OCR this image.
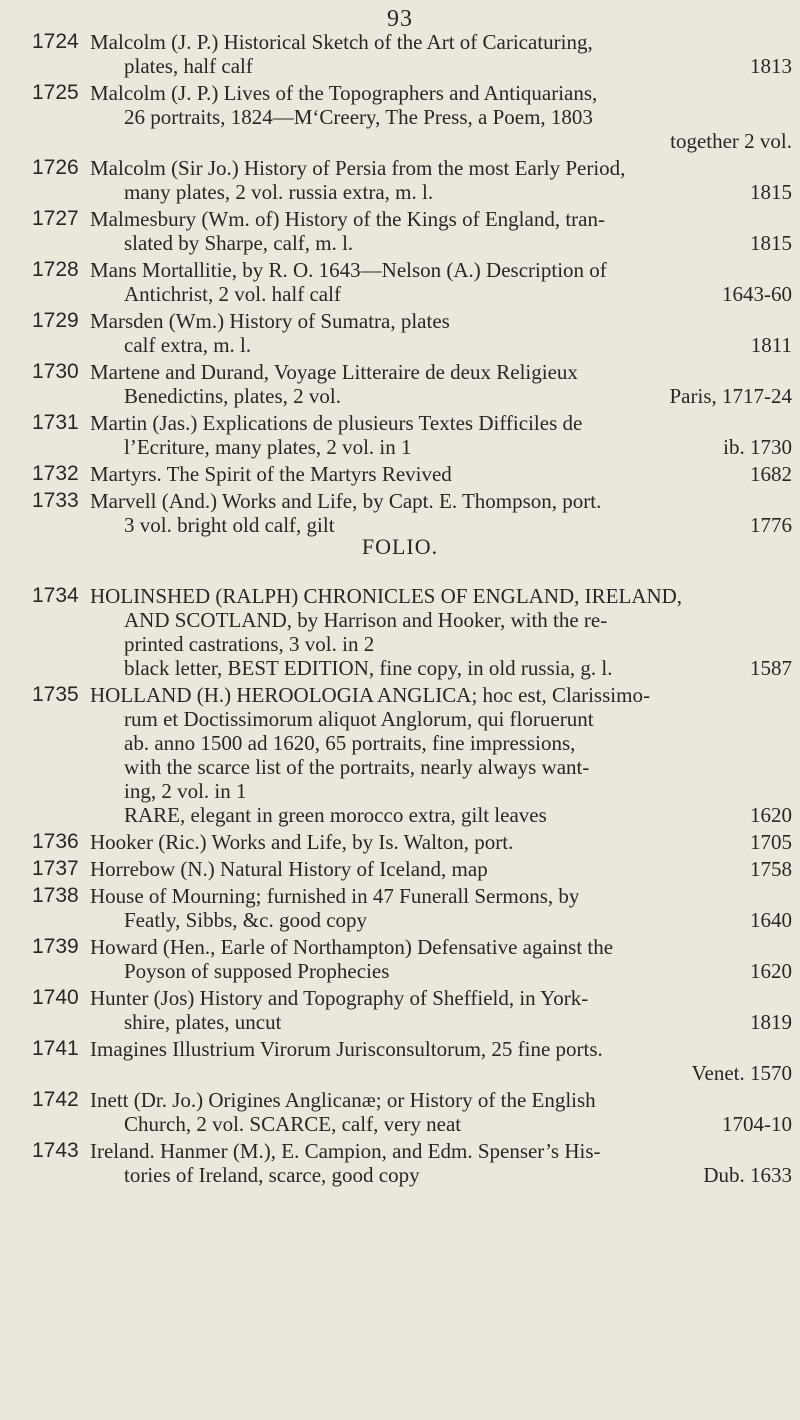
93
1724 Malcolm (J. P.) Historical Sketch of the Art of Caricaturing,
plates, half calf	1813
1725 Malcolm (J. P.) Lives of the Topographers and Antiquarians,
26 portraits, 1824—M‘Creery, The Press, a Poem, 1803
together 2 vol.
1726 Malcolm (Sir Jo.) History of Persia from the most Early Period,
many plates, 2 vol. russia extra, m. l.	1815
1727 Malmesbury (Wm. of) History of the Kings of England, tran-
slated by Sharpe, calf, m. l.	1815
1728 Mans Mortallitie, by R. O. 1643—Nelson (A.) Description of
Antichrist, 2 vol. half calf	1643-60
1729 Marsden (Wm.) History of Sumatra, plates
calf extra, m. l.	1811
1730 Martene and Durand, Voyage Litteraire de deux Religieux
Benedictins, plates, 2 vol.	Paris, 1717-24
1731 Martin (Jas.) Explications de plusieurs Textes Difficiles de
l’Ecriture, many plates, 2 vol. in 1	ib. 1730
1732 Martyrs. The Spirit of the Martyrs Revived	1682
1733 Marvell (And.) Works and Life, by Capt. E. Thompson, port.
3 vol. bright old calf, gilt	1776
FOLIO.
1734 HOLINSHED (RALPH) CHRONICLES OF ENGLAND, IRELAND,
AND SCOTLAND, by Harrison and Hooker, with the re-
printed castrations, 3 vol. in 2
black letter, BEST EDITION, fine copy, in old russia, g. l.	1587
1735 HOLLAND (H.) HEROOLOGIA ANGLICA; hoc est, Clarissimo-
rum et Doctissimorum aliquot Anglorum, qui floruerunt
ab. anno 1500 ad 1620, 65 portraits, fine impressions,
with the scarce list of the portraits, nearly always want-
ing, 2 vol. in 1
RARE, elegant in green morocco extra, gilt leaves	1620
1736 Hooker (Ric.) Works and Life, by Is. Walton, port.	1705
1737 Horrebow (N.) Natural History of Iceland, map	1758
1738 House of Mourning; furnished in 47 Funerall Sermons, by
Featly, Sibbs, &c. good copy	1640
1739 Howard (Hen., Earle of Northampton) Defensative against the
Poyson of supposed Prophecies	1620
1740 Hunter (Jos) History and Topography of Sheffield, in York-
shire, plates, uncut	1819
1741 Imagines Illustrium Virorum Jurisconsultorum, 25 fine ports.
Venet. 1570
1742 Inett (Dr. Jo.) Origines Anglicanæ; or History of the English
Church, 2 vol. SCARCE, calf, very neat	1704-10
1743 Ireland. Hanmer (M.), E. Campion, and Edm. Spenser’s His-
tories of Ireland, scarce, good copy	Dub. 1633
